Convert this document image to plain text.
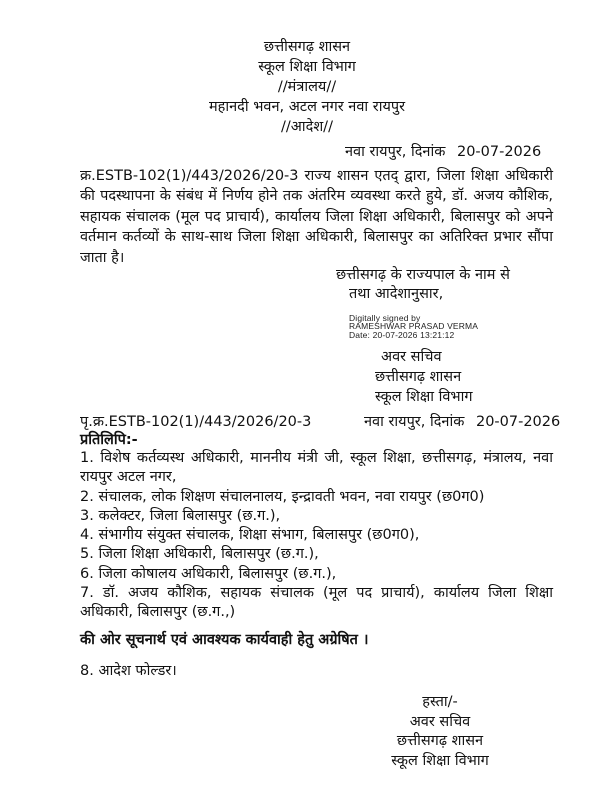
छत्तीसगढ़ शासन
स्कूल शिक्षा विभाग
//मंत्रालय//
महानदी भवन, अटल नगर नवा रायपुर
//आदेश//
नवा रायपुर, दिनांक 20-07-2026
क्र.ESTB-102(1)/443/2026/20-3 राज्य शासन एतद् द्वारा, जिला शिक्षा अधिकारी की पदस्थापना के संबंध में निर्णय होने तक अंतरिम व्यवस्था करते हुये, डॉ. अजय कौशिक, सहायक संचालक (मूल पद प्राचार्य), कार्यालय जिला शिक्षा अधिकारी, बिलासपुर को अपने वर्तमान कर्तव्यों के साथ-साथ जिला शिक्षा अधिकारी, बिलासपुर का अतिरिक्त प्रभार सौंपा जाता है।
छत्तीसगढ़ के राज्यपाल के नाम से
तथा आदेशानुसार,
Digitally signed by
RAMESHWAR PRASAD VERMA
Date: 20-07-2026 13:21:12
अवर सचिव
छत्तीसगढ़ शासन
स्कूल शिक्षा विभाग
पृ.क्र.ESTB-102(1)/443/2026/20-3	नवा रायपुर, दिनांक 20-07-2026
प्रतिलिपि:-
1. विशेष कर्तव्यस्थ अधिकारी, माननीय मंत्री जी, स्कूल शिक्षा, छत्तीसगढ़, मंत्रालय, नवा रायपुर अटल नगर,
2. संचालक, लोक शिक्षण संचालनालय, इन्द्रावती भवन, नवा रायपुर (छ0ग0)
3. कलेक्टर, जिला बिलासपुर (छ.ग.),
4. संभागीय संयुक्त संचालक, शिक्षा संभाग, बिलासपुर (छ0ग0),
5. जिला शिक्षा अधिकारी, बिलासपुर (छ.ग.),
6. जिला कोषालय अधिकारी, बिलासपुर (छ.ग.),
7. डॉ. अजय कौशिक, सहायक संचालक (मूल पद प्राचार्य), कार्यालय जिला शिक्षा अधिकारी, बिलासपुर (छ.ग.,)
की ओर सूचनार्थ एवं आवश्यक कार्यवाही हेतु अग्रेषित ।
8. आदेश फोल्डर।
हस्ता/-
अवर सचिव
छत्तीसगढ़ शासन
स्कूल शिक्षा विभाग
